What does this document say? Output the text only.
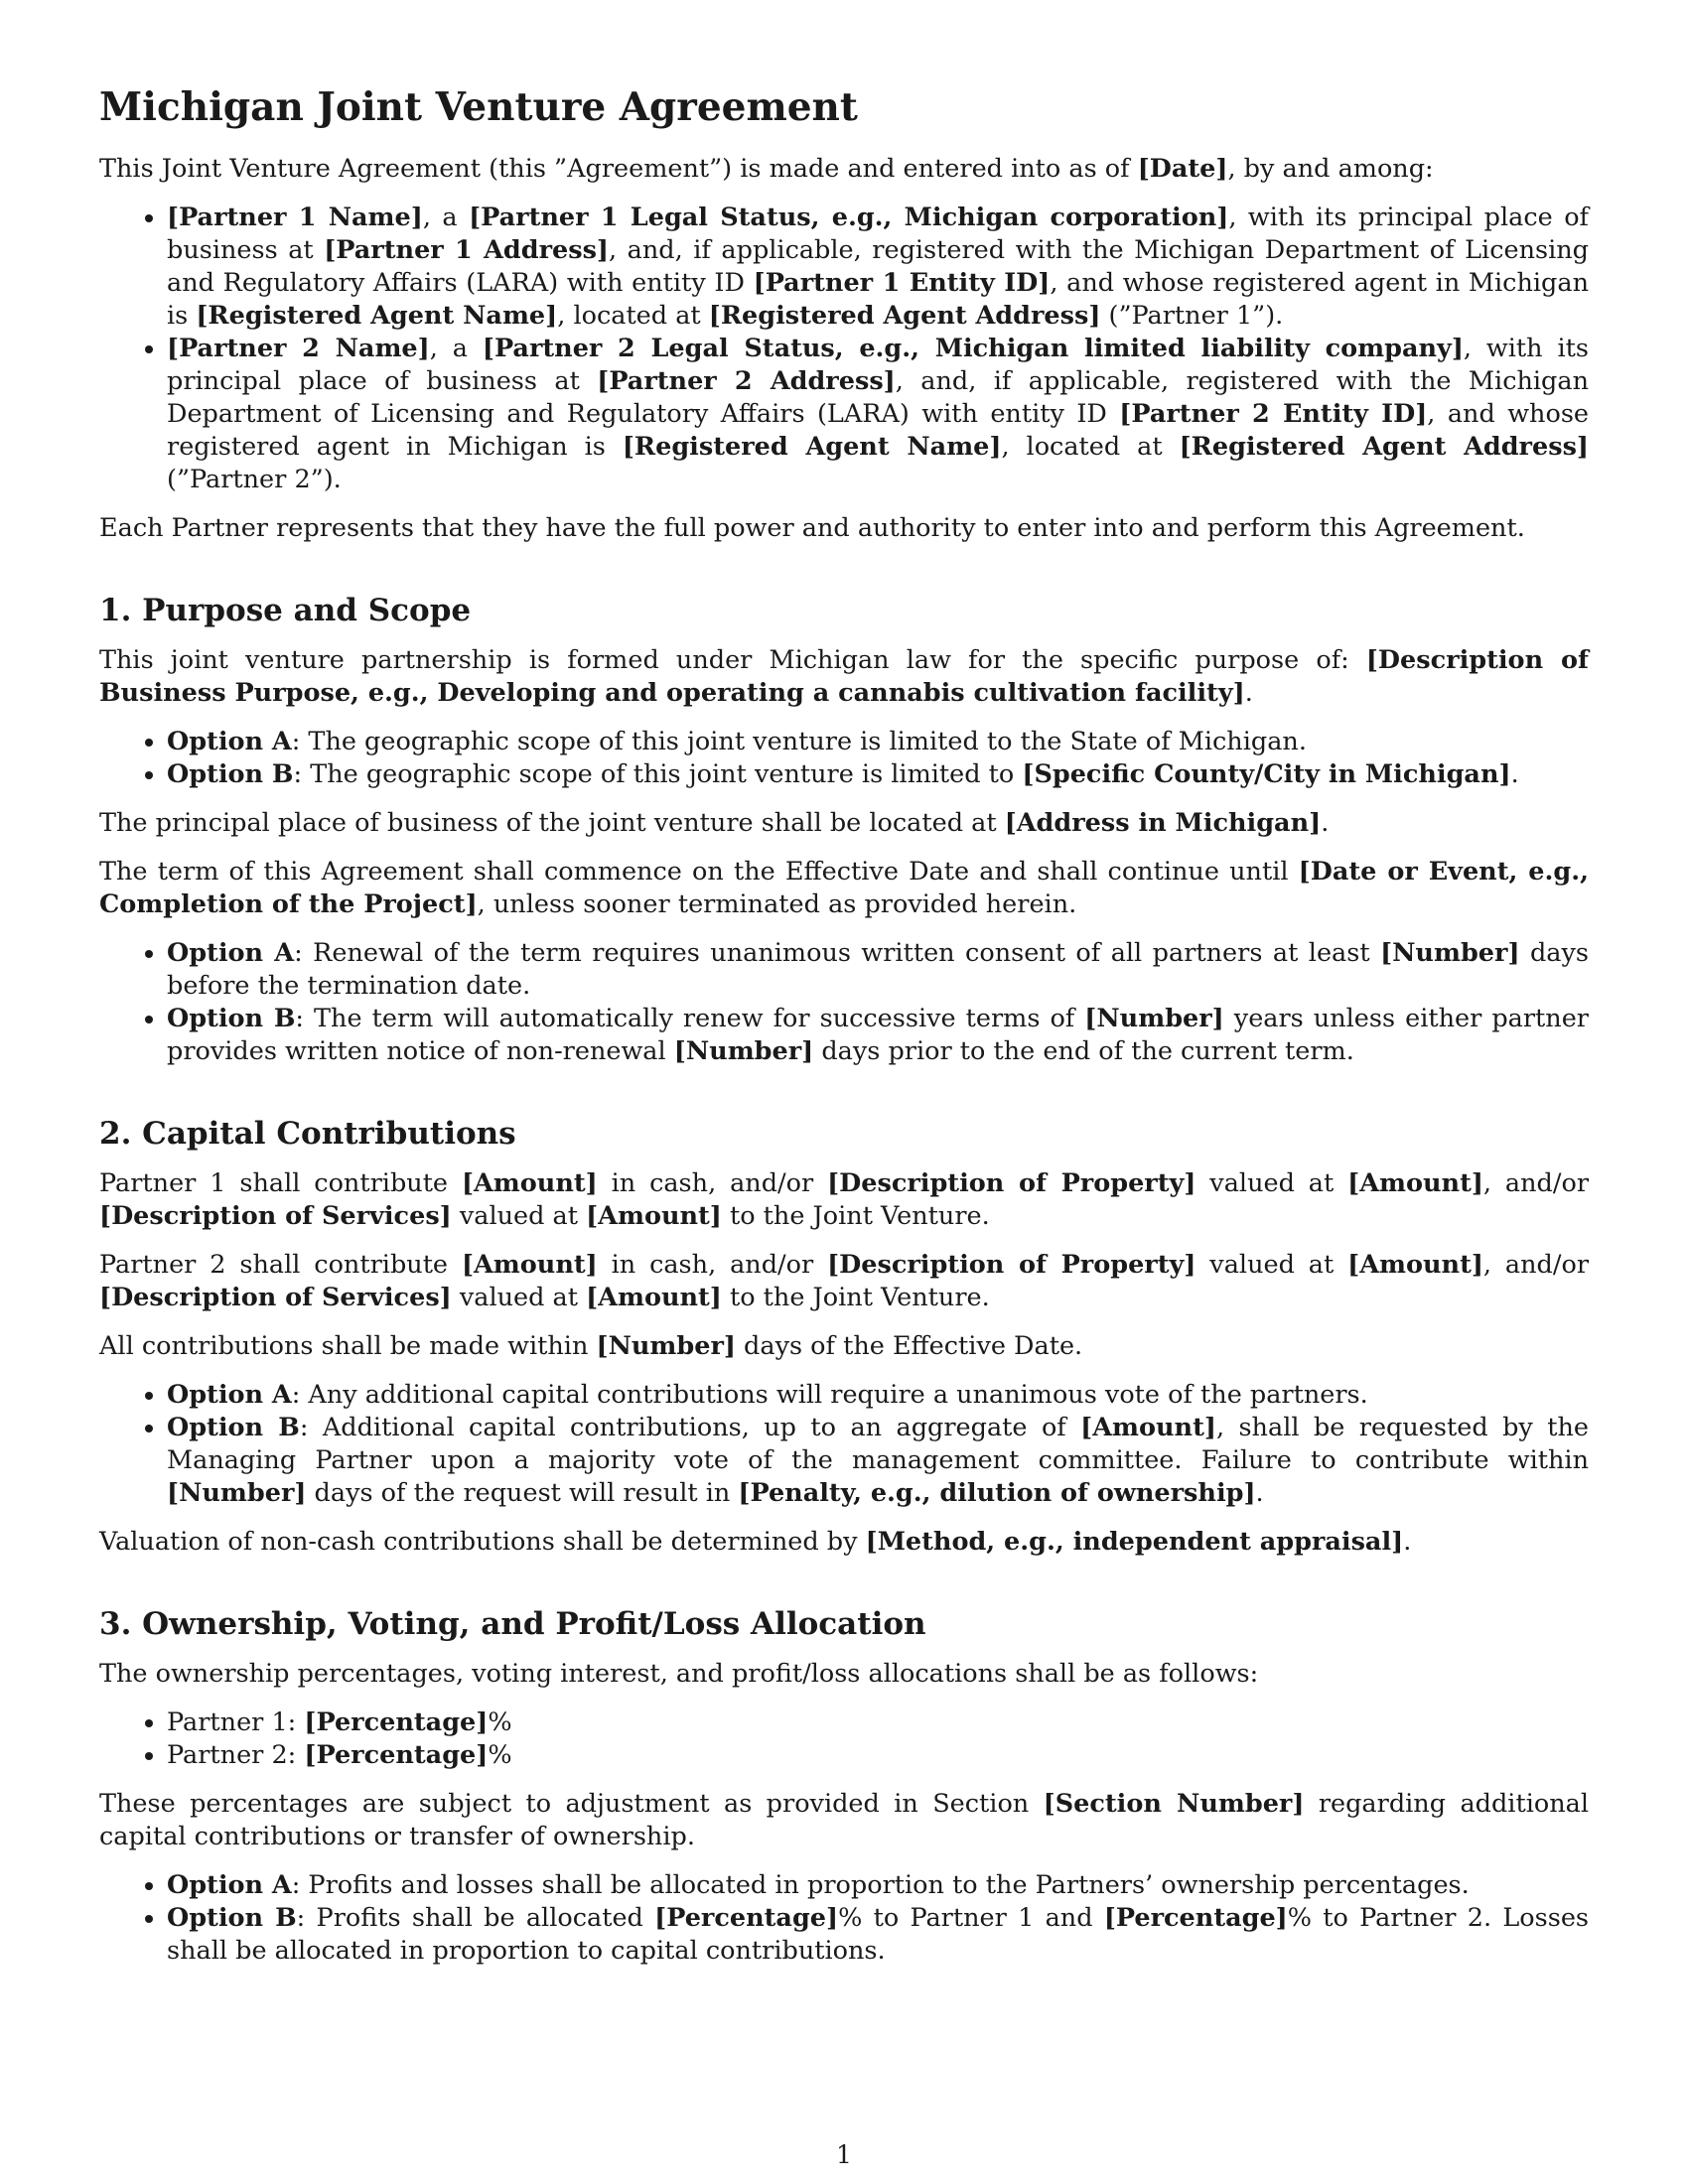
Michigan Joint Venture Agreement

This Joint Venture Agreement (this ”Agreement”) is made and entered into as of [Date], by and among:

• [Partner 1 Name], a [Partner 1 Legal Status, e.g., Michigan corporation], with its principal place of business at [Partner 1 Address], and, if applicable, registered with the Michigan Department of Licensing and Regulatory Affairs (LARA) with entity ID [Partner 1 Entity ID], and whose registered agent in Michigan is [Registered Agent Name], located at [Registered Agent Address] (”Partner 1”).
• [Partner 2 Name], a [Partner 2 Legal Status, e.g., Michigan limited liability company], with its principal place of business at [Partner 2 Address], and, if applicable, registered with the Michigan Department of Licensing and Regulatory Affairs (LARA) with entity ID [Partner 2 Entity ID], and whose registered agent in Michigan is [Registered Agent Name], located at [Registered Agent Address] (”Partner 2”).

Each Partner represents that they have the full power and authority to enter into and perform this Agreement.

1. Purpose and Scope

This joint venture partnership is formed under Michigan law for the specific purpose of: [Description of Business Purpose, e.g., Developing and operating a cannabis cultivation facility].

• Option A: The geographic scope of this joint venture is limited to the State of Michigan.
• Option B: The geographic scope of this joint venture is limited to [Specific County/City in Michigan].

The principal place of business of the joint venture shall be located at [Address in Michigan].

The term of this Agreement shall commence on the Effective Date and shall continue until [Date or Event, e.g., Completion of the Project], unless sooner terminated as provided herein.

• Option A: Renewal of the term requires unanimous written consent of all partners at least [Number] days before the termination date.
• Option B: The term will automatically renew for successive terms of [Number] years unless either partner provides written notice of non-renewal [Number] days prior to the end of the current term.
2. Capital Contributions

Partner 1 shall contribute [Amount] in cash, and/or [Description of Property] valued at [Amount], and/or [Description of Services] valued at [Amount] to the Joint Venture.

Partner 2 shall contribute [Amount] in cash, and/or [Description of Property] valued at [Amount], and/or [Description of Services] valued at [Amount] to the Joint Venture.

All contributions shall be made within [Number] days of the Effective Date.

• Option A: Any additional capital contributions will require a unanimous vote of the partners.
• Option B: Additional capital contributions, up to an aggregate of [Amount], shall be requested by the Managing Partner upon a majority vote of the management committee. Failure to contribute within [Number] days of the request will result in [Penalty, e.g., dilution of ownership].

Valuation of non-cash contributions shall be determined by [Method, e.g., independent appraisal].

3. Ownership, Voting, and Profit/Loss Allocation

The ownership percentages, voting interest, and profit/loss allocations shall be as follows:

• Partner 1: [Percentage]%
• Partner 2: [Percentage]%

These percentages are subject to adjustment as provided in Section [Section Number] regarding additional capital contributions or transfer of ownership.

• Option A: Profits and losses shall be allocated in proportion to the Partners’ ownership percentages.
• Option B: Profits shall be allocated [Percentage]% to Partner 1 and [Percentage]% to Partner 2. Losses shall be allocated in proportion to capital contributions.
1
